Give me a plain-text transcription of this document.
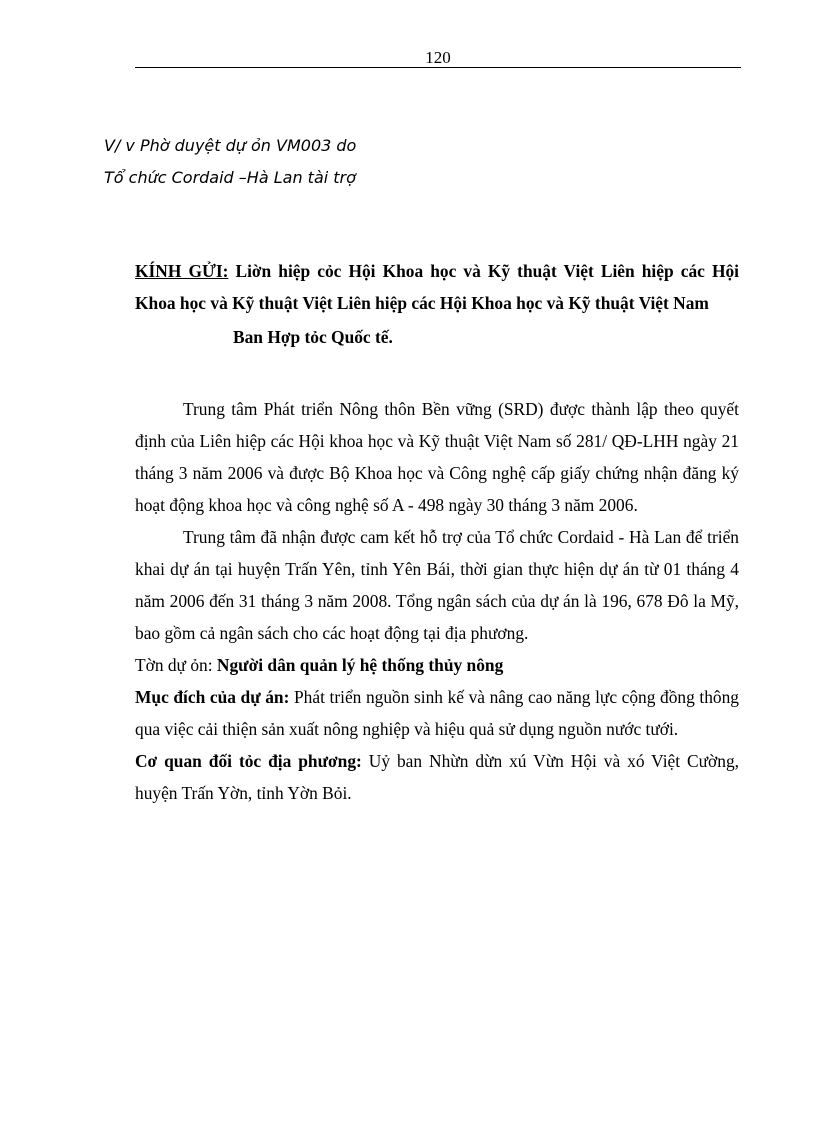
120
V/ v Phờ duyệt dự ỏn VM003 do
Tổ chức Cordaid –Hà Lan tài trợ

KÍNH GỬI: Liờn hiệp cỏc Hội Khoa học và Kỹ thuật Việt Liên hiệp các Hội Khoa học và Kỹ thuật Việt Liên hiệp các Hội Khoa học và Kỹ thuật Việt Nam

Ban Hợp tỏc Quốc tế.

Trung tâm Phát triển Nông thôn Bền vững (SRD) được thành lập theo quyết định của Liên hiệp các Hội khoa học và Kỹ thuật Việt Nam số 281/ QĐ-LHH ngày 21 tháng 3 năm 2006 và được Bộ Khoa học và Công nghệ cấp giấy chứng nhận đăng ký hoạt động khoa học và công nghệ số A - 498 ngày 30 tháng 3 năm 2006.

Trung tâm đã nhận được cam kết hỗ trợ của Tổ chức Cordaid - Hà Lan để triển khai dự án tại huyện Trấn Yên, tỉnh Yên Bái, thời gian thực hiện dự án từ 01 tháng 4 năm 2006 đến 31 tháng 3 năm 2008. Tổng ngân sách của dự án là 196, 678 Đô la Mỹ, bao gồm cả ngân sách cho các hoạt động tại địa phương.

Tờn dự ỏn: Người dân quản lý hệ thống thủy nông

Mục đích của dự án: Phát triển nguồn sinh kế và nâng cao năng lực cộng đồng thông qua việc cải thiện sản xuất nông nghiệp và hiệu quả sử dụng nguồn nước tưới.

Cơ quan đối tỏc địa phương: Uỷ ban Nhừn dừn xú Vừn Hội và xó Việt Cường, huyện Trấn Yờn, tỉnh Yờn Bỏi.
